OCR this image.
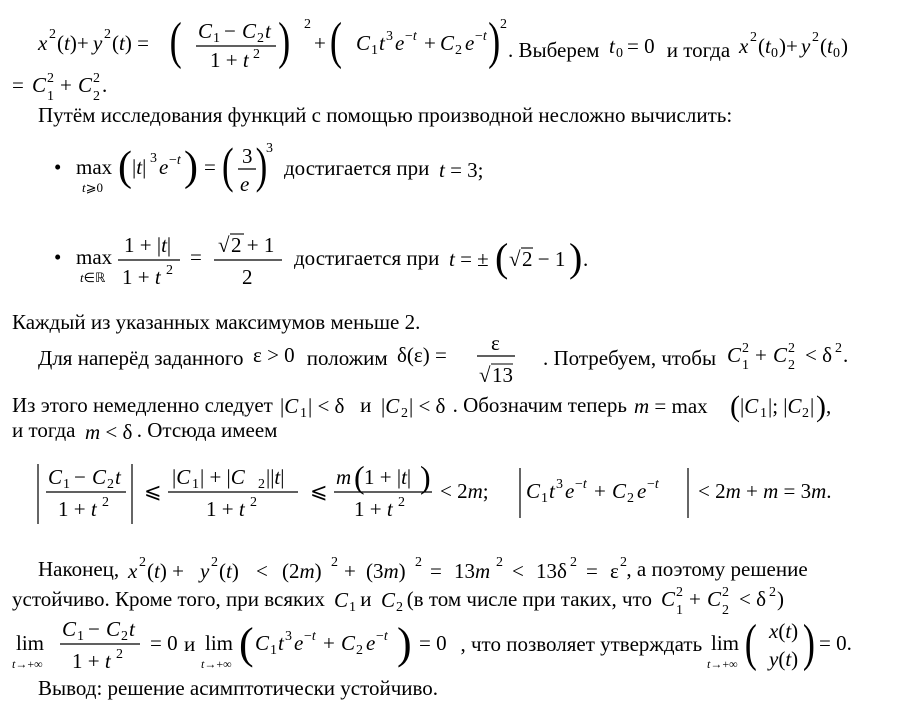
x 2 (t)+ y 2 (t) = ( C 1 − C 2 t
1 + t 2 ) 2
+ ( C 1 t 3 e −t + C 2 e −t ) 2
. Выберем t 0 = 0 и тогда x 2 (t 0 )+ y 2 (t 0 )
= C 2
1 + C 2
2 .
Путём исследования функций с помощью производной несложно вычислить:
• max
t⩾0 ( |t| 3 e −t ) = ( 3
e )
3
достигается при t = 3;
• max
t∈ℝ
1 + |t|
1 + t 2
= √ 2 + 1
2
достигается при t = ± ( √ 2 − 1 ) .
Каждый из указанных максимумов меньше 2.
Для наперёд заданного ε > 0 положим δ(ε) = ε
√ 13
. Потребуем, чтобы C 2
1 + C 2
2 < δ 2 .
Из этого немедленно следует |C 1 | < δ и |C 2 | < δ . Обозначим теперь m = max ( |C 1 |; |C 2 | ) ,
и тогда m < δ . Отсюда имеем
C 1 − C 2 t
1 + t 2 ⩽
|C 1 | + |C 2 ||t|
1 + t 2	⩽
m ( 1 + |t| )
1 + t 2 < 2m; C 1 t 3 e −t + C 2 e −t < 2m + m = 3m.
Наконец, x 2 (t) + y 2 (t) < (2m) 2 + (3m) 2 = 13m 2 < 13δ 2 = ε 2 , а поэтому решение
устойчиво. Кроме того, при всяких C 1 и C 2 (в том числе при таких, что C 2
1 + C 2
2 < δ 2 )
lim
t→+∞
C 1 − C 2 t
1 + t 2 = 0 и lim
t→+∞ ( C 1 t 3 e −t + C 2 e −t ) = 0 , что позволяет утверждать lim
t→+∞ ( x(t)
y(t) ) = 0.
Вывод: решение асимптотически устойчиво.
